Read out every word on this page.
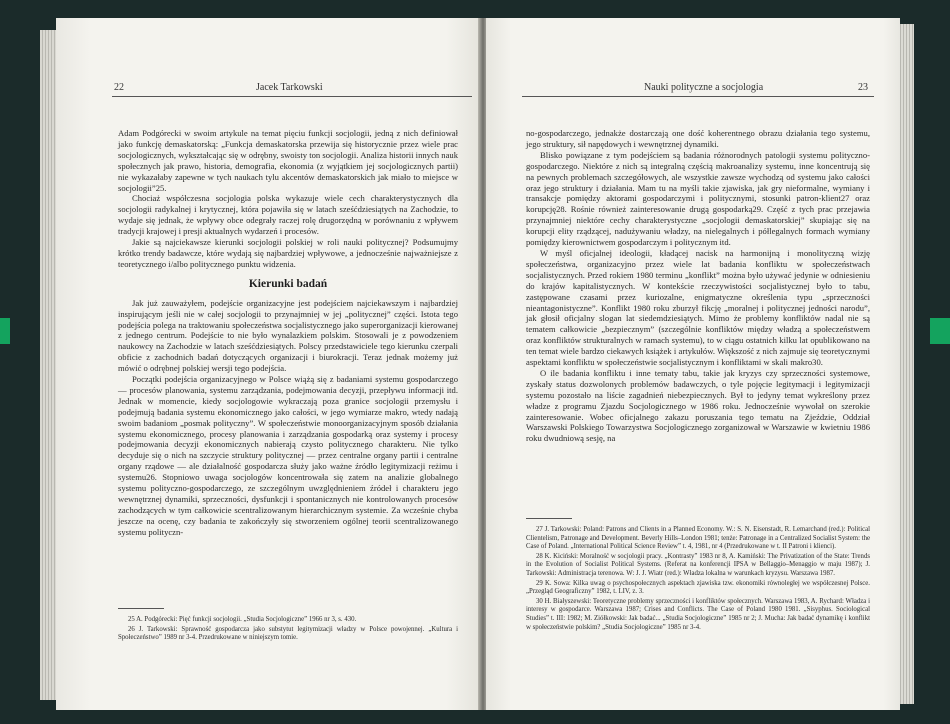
22	Jacek Tarkowski

Adam Podgórecki w swoim artykule na temat pięciu funkcji socjologii, jedną z nich definiował jako funkcję demaskatorską: „Funkcja demaskatorska przewija się historycznie przez wiele prac socjologicznych, wykształcając się w odrębny, swoisty ton socjologii. Analiza historii innych nauk społecznych jak prawo, historia, demografia, ekonomia (z wyjątkiem jej socjologicznych partii) nie wykazałaby zapewne w tych naukach tylu akcentów demaskatorskich jak miało to miejsce w socjologii”25.

Chociaż współczesna socjologia polska wykazuje wiele cech charakterystycznych dla socjologii radykalnej i krytycznej, która pojawiła się w latach sześćdziesiątych na Zachodzie, to wydaje się jednak, że wpływy obce odegrały raczej rolę drugorzędną w porównaniu z wpływem tradycji krajowej i presji aktualnych wydarzeń i procesów.

Jakie są najciekawsze kierunki socjologii polskiej w roli nauki politycznej? Podsumujmy krótko trendy badawcze, które wydają się najbardziej wpływowe, a jednocześnie najważniejsze z teoretycznego i/albo politycznego punktu widzenia.

Kierunki badań

Jak już zauważyłem, podejście organizacyjne jest podejściem najciekawszym i najbardziej inspirującym jeśli nie w całej socjologii to przynajmniej w jej „politycznej” części. Istota tego podejścia polega na traktowaniu społeczeństwa socjalistycznego jako superorganizacji kierowanej z jednego centrum. Podejście to nie było wynalazkiem polskim. Stosowali je z powodzeniem naukowcy na Zachodzie w latach sześćdziesiątych. Polscy przedstawiciele tego kierunku czerpali obficie z zachodnich badań dotyczących organizacji i biurokracji. Teraz jednak możemy już mówić o odrębnej polskiej wersji tego podejścia.

Początki podejścia organizacyjnego w Polsce wiążą się z badaniami systemu gospodarczego — procesów planowania, systemu zarządzania, podejmowania decyzji, przepływu informacji itd. Jednak w momencie, kiedy socjologowie wykraczają poza granice socjologii przemysłu i podejmują badania systemu ekonomicznego jako całości, w jego wymiarze makro, wtedy nadają swoim badaniom „posmak polityczny”. W społeczeństwie monoorganizacyjnym sposób działania systemu ekonomicznego, procesy planowania i zarządzania gospodarką oraz systemy i procesy podejmowania decyzji ekonomicznych nabierają czysto politycznego charakteru. Nie tylko decyduje się o nich na szczycie struktury politycznej — przez centralne organy partii i centralne organy rządowe — ale działalność gospodarcza służy jako ważne źródło legitymizacji reżimu i systemu26. Stopniowo uwaga socjologów koncentrowała się zatem na analizie globalnego systemu polityczno-gospodarczego, ze szczególnym uwzględnieniem źródeł i charakteru jego wewnętrznej dynamiki, sprzeczności, dysfunkcji i spontanicznych nie kontrolowanych procesów zachodzących w tym całkowicie scentralizowanym hierarchicznym systemie. Za wcześnie chyba jeszcze na ocenę, czy badania te zakończyły się stworzeniem ogólnej teorii scentralizowanego systemu polityczn-

25 A. Podgórecki: Pięć funkcji socjologii. „Studia Socjologiczne” 1966 nr 3, s. 430.

26 J. Tarkowski: Sprawność gospodarcza jako substytut legitymizacji władzy w Polsce powojennej. „Kultura i Społeczeństwo” 1989 nr 3-4. Przedrukowane w niniejszym tomie.

Nauki polityczne a socjologia	23

no-gospodarczego, jednakże dostarczają one dość koherentnego obrazu działania tego systemu, jego struktury, sił napędowych i wewnętrznej dynamiki.

Blisko powiązane z tym podejściem są badania różnorodnych patologii systemu polityczno-gospodarczego. Niektóre z nich są integralną częścią makroanalizy systemu, inne koncentrują się na pewnych problemach szczegółowych, ale wszystkie zawsze wychodzą od systemu jako całości oraz jego struktury i działania. Mam tu na myśli takie zjawiska, jak gry nieformalne, wymiany i transakcje pomiędzy aktorami gospodarczymi i politycznymi, stosunki patron-klient27 oraz korupcję28. Rośnie również zainteresowanie drugą gospodarką29. Część z tych prac przejawia przynajmniej niektóre cechy charakterystyczne „socjologii demaskatorskiej” skupiając się na korupcji elity rządzącej, nadużywaniu władzy, na nielegalnych i półlegalnych formach wymiany pomiędzy kierownictwem gospodarczym i politycznym itd.

W myśl oficjalnej ideologii, kładącej nacisk na harmonijną i monolityczną wizję społeczeństwa, organizacyjno przez wiele lat badania konfliktu w społeczeństwach socjalistycznych. Przed rokiem 1980 terminu „konflikt” można było używać jedynie w odniesieniu do krajów kapitalistycznych. W kontekście rzeczywistości socjalistycznej było to tabu, zastępowane czasami przez kuriozalne, enigmatyczne określenia typu „sprzeczności nieantagonistyczne”. Konflikt 1980 roku zburzył fikcję „moralnej i politycznej jedności narodu”, jak głosił oficjalny slogan lat siedemdziesiątych. Mimo że problemy konfliktów nadal nie są tematem całkowicie „bezpiecznym” (szczególnie konfliktów między władzą a społeczeństwem oraz konfliktów strukturalnych w ramach systemu), to w ciągu ostatnich kilku lat opublikowano na ten temat wiele bardzo ciekawych książek i artykułów. Większość z nich zajmuje się teoretycznymi aspektami konfliktu w społeczeństwie socjalistycznym i konfliktami w skali makro30.

O ile badania konfliktu i inne tematy tabu, takie jak kryzys czy sprzeczności systemowe, zyskały status dozwolonych problemów badawczych, o tyle pojęcie legitymacji i legitymizacji systemu pozostało na liście zagadnień niebezpiecznych. Był to jedyny temat wykreślony przez władze z programu Zjazdu Socjologicznego w 1986 roku. Jednocześnie wywołał on szerokie zainteresowanie. Wobec oficjalnego zakazu poruszania tego tematu na Zjeździe, Oddział Warszawski Polskiego Towarzystwa Socjologicznego zorganizował w Warszawie w kwietniu 1986 roku dwudniową sesję, na

27 J. Tarkowski: Poland: Patrons and Clients in a Planned Economy. W.: S. N. Eisenstadt, R. Lemarchand (red.): Political Clientelism, Patronage and Development. Beverly Hills–London 1981; tenże: Patronage in a Centralized Socialist System: the Case of Poland. „International Political Science Review” t. 4, 1981, nr 4 (Przedrukowane w t. II Patroni i klienci).

28 K. Kiciński: Moralność w socjologii pracy. „Kontrasty” 1983 nr 8, A. Kamiński: The Privatization of the State: Trends in the Evolution of Socialist Political Systems. (Referat na konferencji IPSA w Bellaggio–Menaggio w maju 1987); J. Tarkowski: Administracja terenowa. W: J. J. Wiatr (red.): Władza lokalna w warunkach kryzysu. Warszawa 1987.

29 K. Sowa: Kilka uwag o psychospołecznych aspektach zjawiska tzw. ekonomiki równoległej we współczesnej Polsce. „Przegląd Geograficzny” 1982, t. LIV, z. 3.

30 H. Białyszewski: Teoretyczne problemy sprzeczności i konfliktów społecznych. Warszawa 1983, A. Rychard: Władza i interesy w gospodarce. Warszawa 1987; Crises and Conflicts. The Case of Poland 1980 1981. „Sisyphus. Sociological Studies” t. III: 1982; M. Ziółkowski: Jak badać... „Studia Socjologiczne” 1985 nr 2; J. Mucha: Jak badać dynamikę i konflikt w społeczeństwie polskim? „Studia Socjologiczne” 1985 nr 3-4.
